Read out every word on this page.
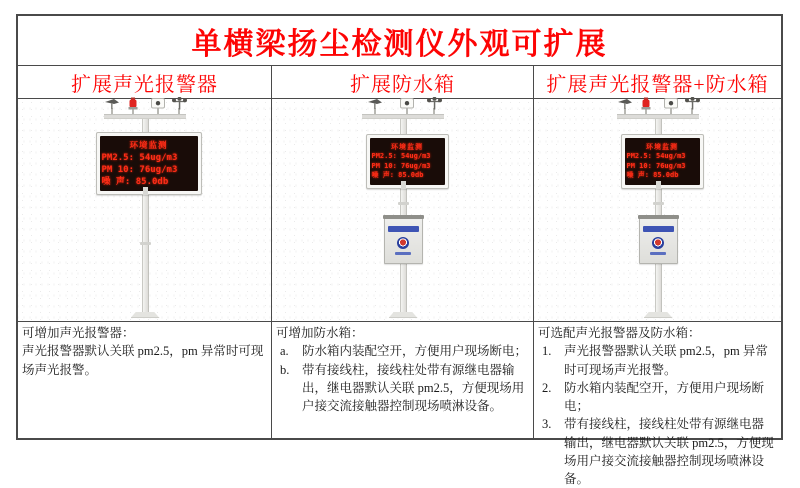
单横梁扬尘检测仪外观可扩展
扩展声光报警器	扩展防水箱	扩展声光报警器+防水箱
环境监测
PM2.5: 54ug/m3
PM 10: 76ug/m3
噪 声: 85.0db
环境监测
PM2.5: 54ug/m3
PM 10: 76ug/m3
噪 声: 85.0db
环境监测
PM2.5: 54ug/m3
PM 10: 76ug/m3
噪 声: 85.0db
可增加声光报警器：
声光报警器默认关联 pm2.5，pm 异常时可现场声光报警。
可增加防水箱：
a.	防水箱内装配空开，方便用户现场断电；
b.	带有接线柱，接线柱处带有源继电器输出，继电器默认关联 pm2.5，方便现场用户接交流接触器控制现场喷淋设备。
可选配声光报警器及防水箱：
1.	声光报警器默认关联 pm2.5，pm 异常时可现场声光报警。
2.	防水箱内装配空开，方便用户现场断电；
3.	带有接线柱，接线柱处带有源继电器输出，继电器默认关联 pm2.5，方便现场用户接交流接触器控制现场喷淋设备。
